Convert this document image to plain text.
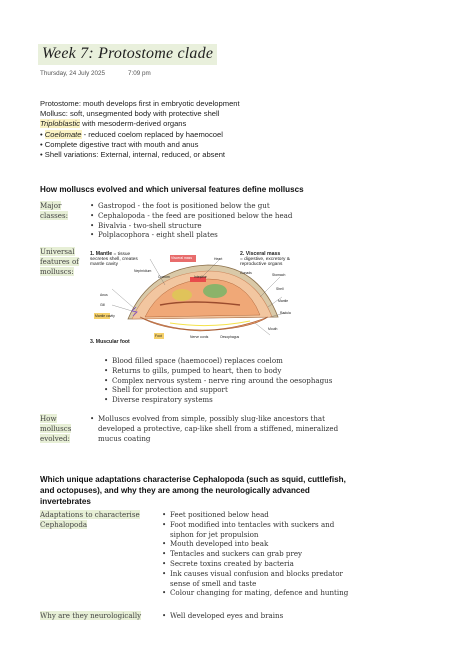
Week 7: Protostome clade
Thursday, 24 July 2025	7:09 pm
Protostome: mouth develops first in embryotic development
Mollusc: soft, unsegmented body with protective shell
Triploblastic with mesoderm-derived organs
• Coelomate - reduced coelom replaced by haemocoel
• Complete digestive tract with mouth and anus
• Shell variations: External, internal, reduced, or absent
How molluscs evolved and which universal features define molluscs
Major
classes:
• Gastropod - the foot is positioned below the gut
• Cephalopoda - the feed are positioned below the head
• Bivalvia - two-shell structure
• Polplacophora - eight shell plates
Universal
features of
molluscs:
1. Mantle = tissue
secretes shell, creates
mantle cavity
2. Visceral mass
= digestive, excretory &
reproductive organs
3. Muscular foot
Nephridium
Visceral mass	Heart
Coelom	Intestine
Gonads	Stomach
Shell
Mantle
Radula
Mantle cavity
Anus
Gill
Mouth
Nerve cords
Foot	Oesophagus
• Blood filled space (haemocoel) replaces coelom
• Returns to gills, pumped to heart, then to body
• Complex nervous system - nerve ring around the oesophagus
• Shell for protection and support
• Diverse respiratory systems
How
molluscs
evolved:
• Molluscs evolved from simple, possibly slug-like ancestors that
developed a protective, cap-like shell from a stiffened, mineralized
mucus coating
Which unique adaptations characterise Cephalopoda (such as squid, cuttlefish,
and octopuses), and why they are among the neurologically advanced
invertebrates
Adaptations to characterise
Cephalopoda
• Feet positioned below head
• Foot modified into tentacles with suckers and
siphon for jet propulsion
• Mouth developed into beak
• Tentacles and suckers can grab prey
• Secrete toxins created by bacteria
• Ink causes visual confusion and blocks predator
sense of smell and taste
• Colour changing for mating, defence and hunting
Why are they neurologically	• Well developed eyes and brains
